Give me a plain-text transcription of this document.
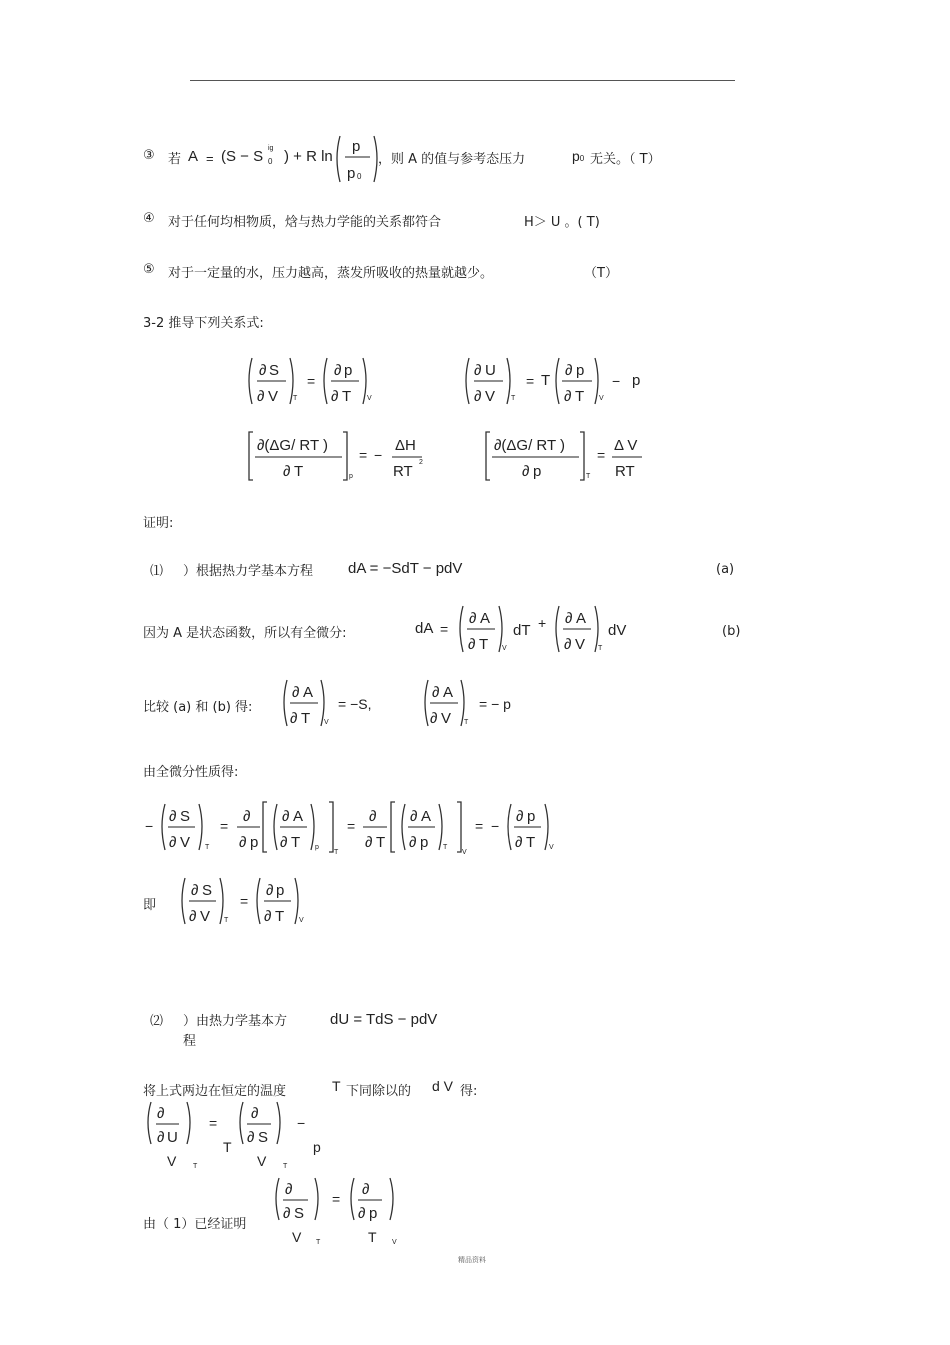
③ 若 A = (S − S ig
0 ) + R ln
p
p 0
，则 A 的值与参考态压力	p0 无关。（ T）
④ 对于任何均相物质，焓与热力学能的关系都符合	H＞ U 。( T)
⑤ 对于一定量的水，压力越高，蒸发所吸收的热量就越少。	（T）
3-2 推导下列关系式:
∂ S
∂ V T
=
∂ p
∂ T V
∂ U
∂ V T
= T
∂ p
∂ T V
− p
∂(ΔG/ RT )
∂ T	p
= −
ΔH
RT
2
∂(ΔG/ RT )
∂ p	T
=
Δ V
RT
证明:
⑴ ）根据热力学基本方程 dA = −SdT − pdV	(a)
因为 A 是状态函数，所以有全微分:	dA =
∂ A
∂ T V
dT + ∂ A
∂ V T
dV	(b)
比较 (a) 和 (b) 得:
∂ A
∂ T V
= −S,
∂ A
∂ V T
= − p
由全微分性质得:
−
∂ S
∂ V T
=
∂
∂ p
∂ A
∂ T p
T
=
∂
∂ T
∂ A
∂ p T
V
= −
∂ p
∂ T V
即
∂ S
∂ V T
=
∂ p
∂ T V
⑵ ）由热力学基本方
程
dU = TdS − pdV
将上式两边在恒定的温度	T 下同除以的 d V 得:
∂
∂ U
V T
=
T
∂
∂ S
V T
−
p
由（ 1）已经证明
∂
∂ S
V T
=
∂
∂ p
T V
精品资料
